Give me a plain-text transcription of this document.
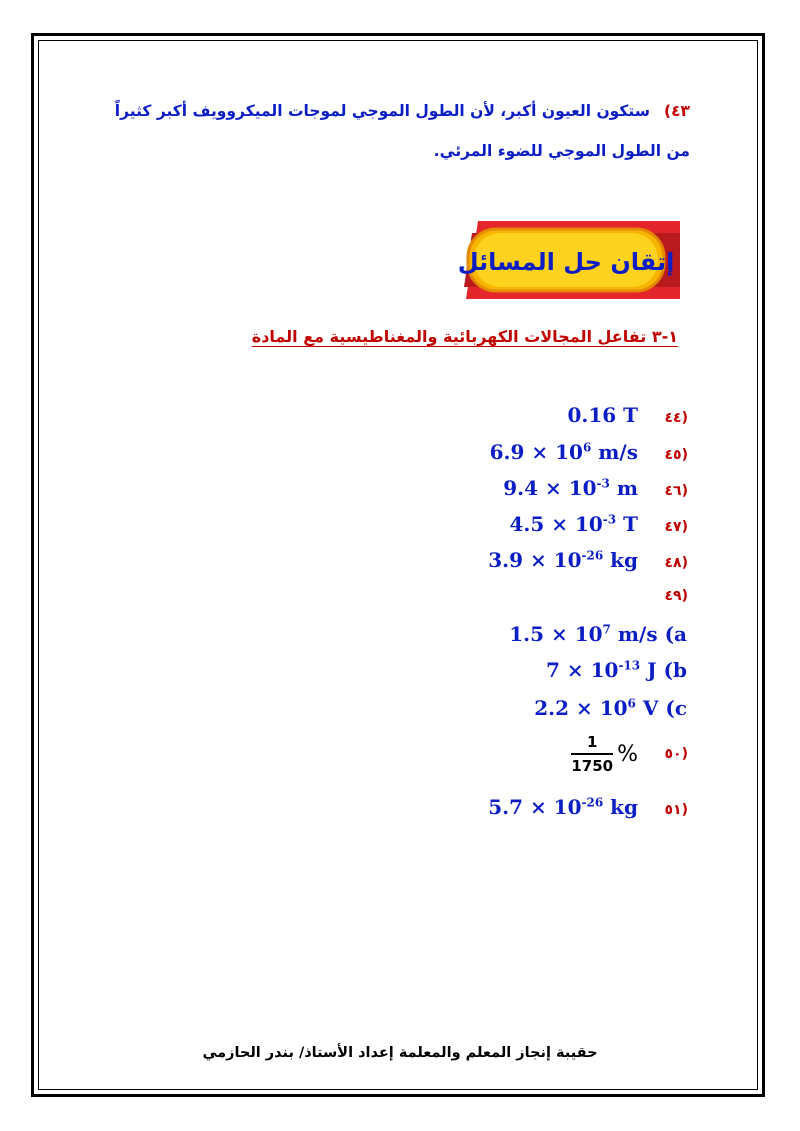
٤٣)ستكون العيون أكبر، لأن الطول الموجي لموجات الميكروويف أكبر كثيراً من الطول الموجي للضوء المرئي.
إتقان حل المسائل
١-٣ تفاعل المجالات الكهربائية والمغناطيسية مع المادة
0.16 T ٤٤)
$6.9 \times 10^6$ m/s ٤٥)
$9.4 \times 10^{-3}$ m ٤٦)
$4.5 \times 10^{-3}$ T ٤٧)
$3.9 \times 10^{-26}$ kg ٤٨)
٤٩)
$1.5 \times 10^7$ m/s (a
$7 \times 10^{-13}$ J (b
$2.2 \times 10^6$ V (c
$\frac{1}{1750}$ % ٥٠)
$5.7 \times 10^{-26}$ kg ٥١)
حقيبة إنجاز المعلم والمعلمة إعداد الأستاذ/ بندر الحازمي
